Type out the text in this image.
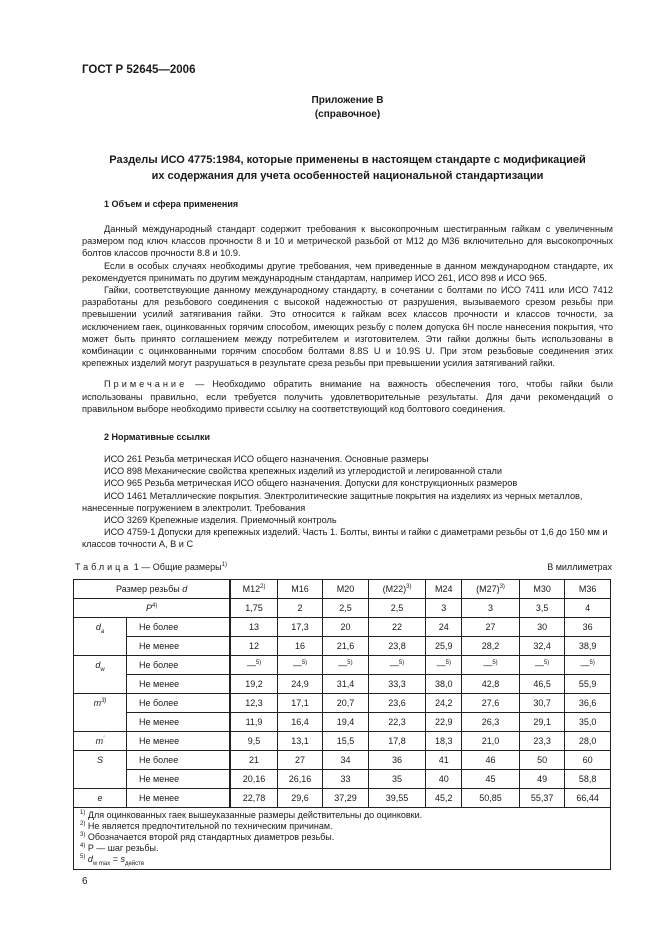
ГОСТ Р 52645—2006
Приложение В
(справочное)
Разделы ИСО 4775:1984, которые применены в настоящем стандарте с модификацией
их содержания для учета особенностей национальной стандартизации
1 Объем и сфера применения

Данный международный стандарт содержит требования к высокопрочным шестигранным гайкам с увеличенным размером под ключ классов прочности 8 и 10 и метрической разьбой от М12 до М36 включительно для высокопрочных болтов классов прочности 8.8 и 10.9.

Если в особых случаях необходимы другие требования, чем приведенные в данном международном стандарте, их рекомендуется принимать по другим международным стандартам, например ИСО 261, ИСО 898 и ИСО 965.

Гайки, соответствующие данному международному стандарту, в сочетании с болтами по ИСО 7411 или ИСО 7412 разработаны для резьбового соединения с высокой надежностью от разрушения, вызываемого срезом резьбы при превышении усилий затягивания гайки. Это относится к гайкам всех классов прочности и классов точности, за исключением гаек, оцинкованных горячим способом, имеющих резьбу с полем допуска 6Н после нанесения покрытия, что может быть принято соглашением между потребителем и изготовителем. Эти гайки должны быть использованы в комбинации с оцинкованными горячим способом болтами 8.8S U и 10.9S U. При этом резьбовые соединения этих крепежных изделий могут разрушаться в результате среза резьбы при превышении усилия затягиваний гайки.

Примечание — Необходимо обратить внимание на важность обеспечения того, чтобы гайки были использованы правильно, если требуется получить удовлетворительные результаты. Для дачи рекомендаций о правильном выборе необходимо привести ссылку на соответствующий код болтового соединения.

2 Нормативные ссылки

ИСО 261 Резьба метрическая ИСО общего назначения. Основные размеры

ИСО 898 Механические свойства крепежных изделий из углеродистой и легированной стали

ИСО 965 Резьба метрическая ИСО общего назначения. Допуски для конструкционных размеров

ИСО 1461 Металлические покрытия. Электролитические защитные покрытия на изделиях из черных металлов, нанесенные погружением в электролит. Требования

ИСО 3269 Крепежные изделия. Приемочный контроль

ИСО 4759-1 Допуски для крепежных изделий. Часть 1. Болты, винты и гайки с диаметрами резьбы от 1,6 до 150 мм и классов точности А, В и С

Таблица 1 — Общие размеры$^{1)}$	В миллиметрах
Размер резьбы d		M12$^{2)}$	M16	M20	$(M22)^{3)}$	M24	$(M27)^{3)}$	M30	M36
$P^{4)}$		1,75	2	2,5	2,5	3	3	3,5	4
$d_a$	Не более	13	17,3	20	22	24	27	30	36
	Не менее	12	16	21,6	23,8	25,9	28,2	32,4	38,9
$d_w$	Не более	—$^{5)}$	—$^{5)}$	—$^{5)}$	—$^{5)}$	—$^{5)}$	—$^{5)}$	—$^{5)}$	—$^{5)}$
	Не менее	19,2	24,9	31,4	33,3	38,0	42,8	46,5	55,9
$m^{3)}$	Не более	12,3	17,1	20,7	23,6	24,2	27,6	30,7	36,6
	Не менее	11,9	16,4	19,4	22,3	22,9	26,3	29,1	35,0
m'	Не менее	9,5	13,1	15,5	17,8	18,3	21,0	23,3	28,0
S	Не более	21	27	34	36	41	46	50	60
	Не менее	20,16	26,16	33	35	40	45	49	58,8
e	Не менее	22,78	29,6	37,29	39,55	45,2	50,85	55,37	66,44

$^{1)}$ Для оцинкованных гаек вышеуказанные размеры действительны до оцинковки.
$^{2)}$ Не является предпочтительной по техническим причинам.
$^{3)}$ Обозначается второй ряд стандартных диаметров резьбы.
$^{4)}$ P — шаг резьбы.
$^{5)}$ $d_{w max} = s_{действ}$
6
